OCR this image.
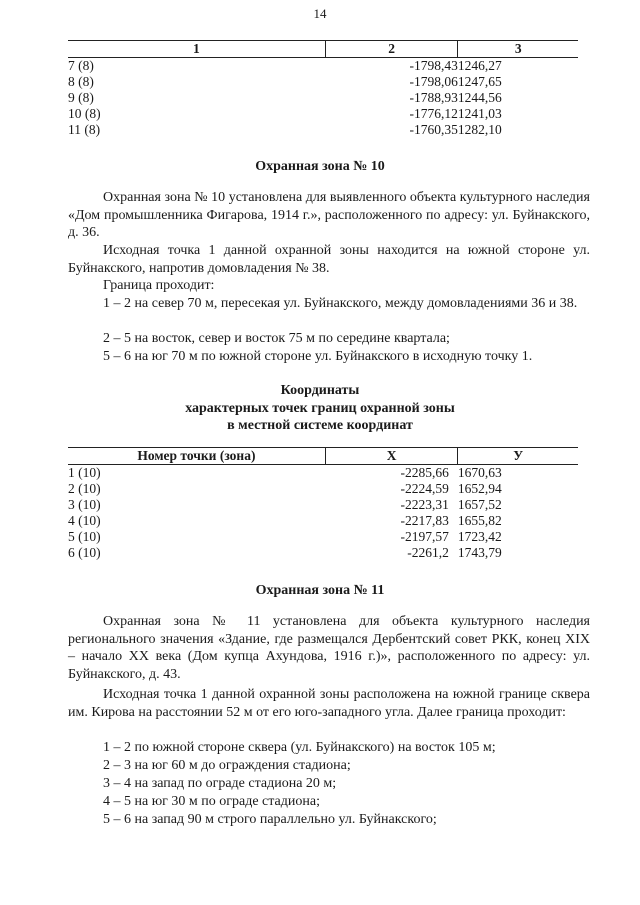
14
1	2	3
7 (8)	-1798,43	1246,27
8 (8)	-1798,06	1247,65
9 (8)	-1788,93	1244,56
10 (8)	-1776,12	1241,03
11 (8)	-1760,35	1282,10
Охранная зона № 10
Охранная зона № 10 установлена для выявленного объекта культурного наследия «Дом промышленника Фигарова, 1914 г.», расположенного по адресу: ул. Буйнакского, д. 36.
Исходная точка 1 данной охранной зоны находится на южной стороне ул. Буйнакского, напротив домовладения № 38.
Граница проходит:
1 – 2 на север 70 м, пересекая ул. Буйнакского, между домовладениями 36 и 38.
2 – 5 на восток, север и восток 75 м по середине квартала;
5 – 6 на юг 70 м по южной стороне ул. Буйнакского в исходную точку 1.
Координаты
характерных точек границ охранной зоны
в местной системе координат
Номер точки (зона)	X	У
1 (10)	-2285,66	1670,63
2 (10)	-2224,59	1652,94
3 (10)	-2223,31	1657,52
4 (10)	-2217,83	1655,82
5 (10)	-2197,57	1723,42
6 (10)	-2261,2	1743,79
Охранная зона № 11
Охранная зона № 11 установлена для объекта культурного наследия регионального значения «Здание, где размещался Дербентский совет РКК, конец XIX – начало XX века (Дом купца Ахундова, 1916 г.)», расположенного по адресу: ул. Буйнакского, д. 43.
Исходная точка 1 данной охранной зоны расположена на южной границе сквера им. Кирова на расстоянии 52 м от его юго-западного угла. Далее граница проходит:
1 – 2 по южной стороне сквера (ул. Буйнакского) на восток 105 м;
2 – 3 на юг 60 м до ограждения стадиона;
3 – 4 на запад по ограде стадиона 20 м;
4 – 5 на юг 30 м по ограде стадиона;
5 – 6 на запад 90 м строго параллельно ул. Буйнакского;
